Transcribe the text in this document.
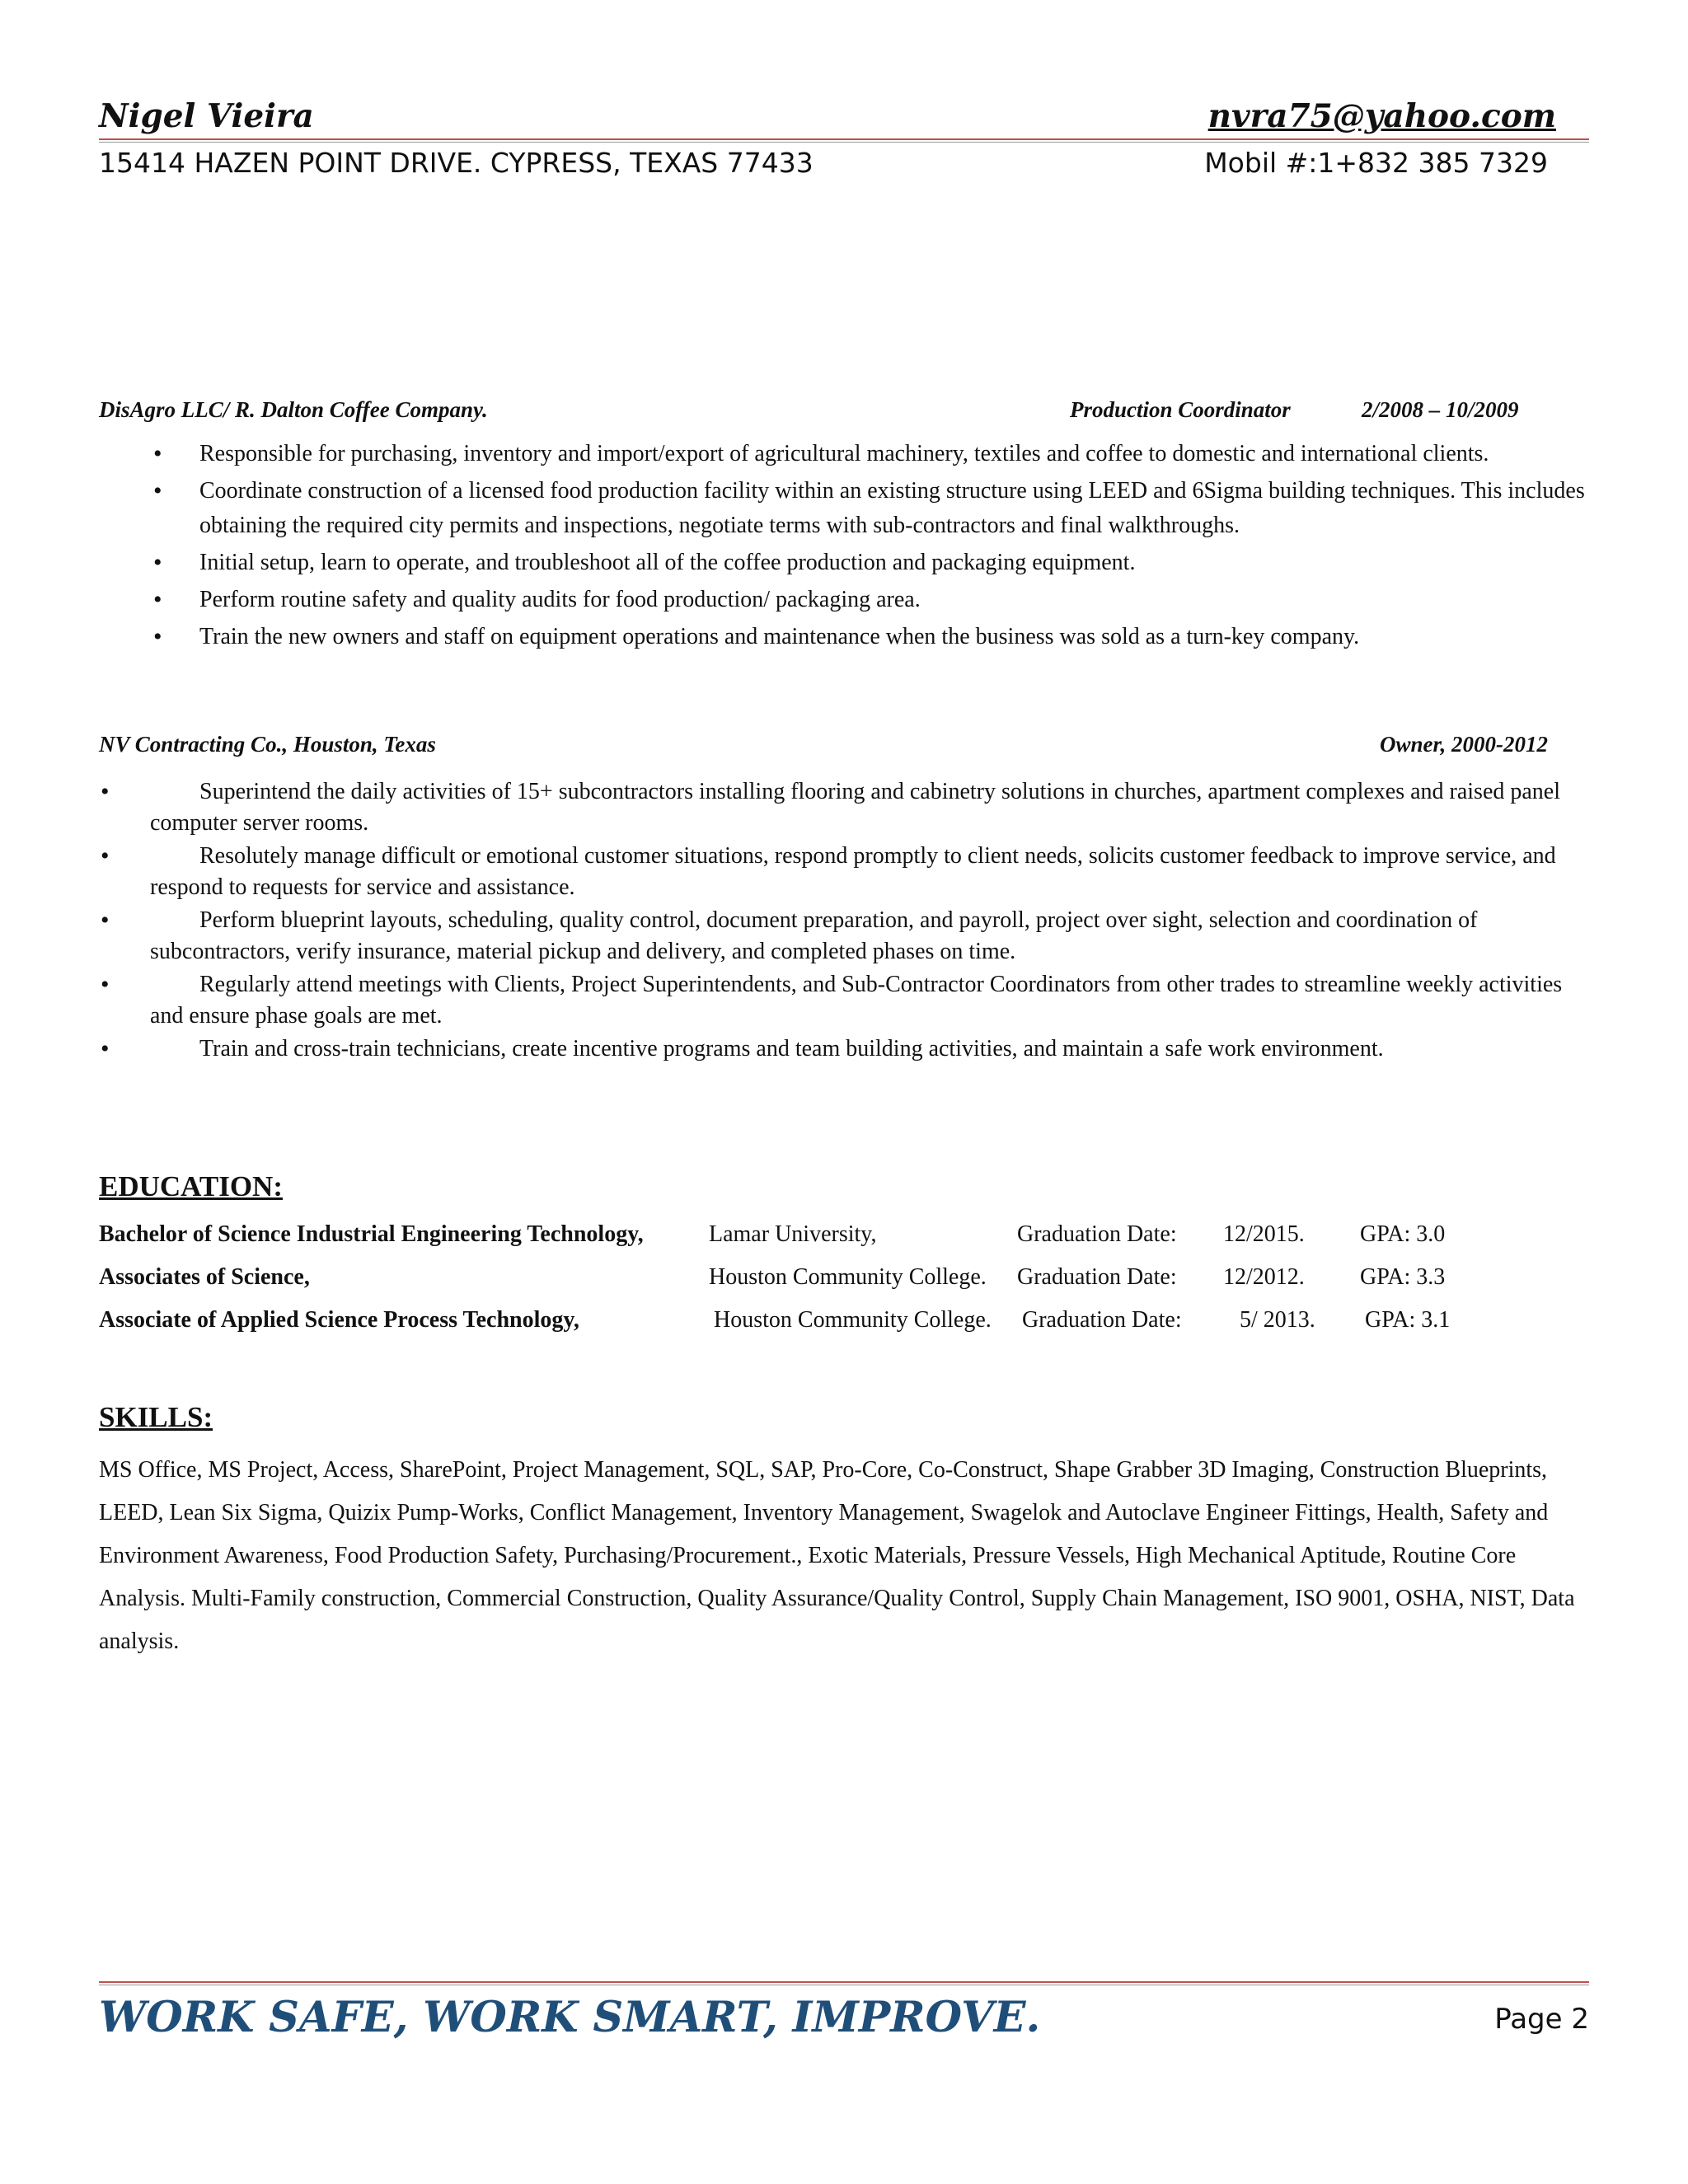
Nigel Vieira	nvra75@yahoo.com
15414 HAZEN POINT DRIVE. CYPRESS, TEXAS 77433	Mobil #:1+832 385 7329
DisAgro LLC/ R. Dalton Coffee Company.	Production Coordinator	2/2008 – 10/2009
• Responsible for purchasing, inventory and import/export of agricultural machinery, textiles and coffee to domestic and international clients.
• Coordinate construction of a licensed food production facility within an existing structure using LEED and 6Sigma building techniques. This includes obtaining the required city permits and inspections, negotiate terms with sub-contractors and final walkthroughs.
• Initial setup, learn to operate, and troubleshoot all of the coffee production and packaging equipment.
• Perform routine safety and quality audits for food production/ packaging area.
• Train the new owners and staff on equipment operations and maintenance when the business was sold as a turn-key company.
NV Contracting Co., Houston, Texas	Owner, 2000-2012
•	Superintend the daily activities of 15+ subcontractors installing flooring and cabinetry solutions in churches, apartment complexes and raised panel computer server rooms.
•	Resolutely manage difficult or emotional customer situations, respond promptly to client needs, solicits customer feedback to improve service, and respond to requests for service and assistance.
•	Perform blueprint layouts, scheduling, quality control, document preparation, and payroll, project over sight, selection and coordination of subcontractors, verify insurance, material pickup and delivery, and completed phases on time.
•	Regularly attend meetings with Clients, Project Superintendents, and Sub-Contractor Coordinators from other trades to streamline weekly activities and ensure phase goals are met.
•	Train and cross-train technicians, create incentive programs and team building activities, and maintain a safe work environment.
EDUCATION:
Bachelor of Science Industrial Engineering Technology,	Lamar University,	Graduation Date: 12/2015. GPA: 3.0
Associates of Science,	Houston Community College. Graduation Date: 12/2012. GPA: 3.3
Associate of Applied Science Process Technology,	Houston Community College. Graduation Date:	5/ 2013. GPA: 3.1
SKILLS:
MS Office, MS Project, Access, SharePoint, Project Management, SQL, SAP, Pro-Core, Co-Construct, Shape Grabber 3D Imaging, Construction Blueprints, LEED, Lean Six Sigma, Quizix Pump-Works, Conflict Management, Inventory Management, Swagelok and Autoclave Engineer Fittings, Health, Safety and Environment Awareness, Food Production Safety, Purchasing/Procurement., Exotic Materials, Pressure Vessels, High Mechanical Aptitude, Routine Core Analysis. Multi-Family construction, Commercial Construction, Quality Assurance/Quality Control, Supply Chain Management, ISO 9001, OSHA, NIST, Data analysis.
WORK SAFE, WORK SMART, IMPROVE.	Page 2
